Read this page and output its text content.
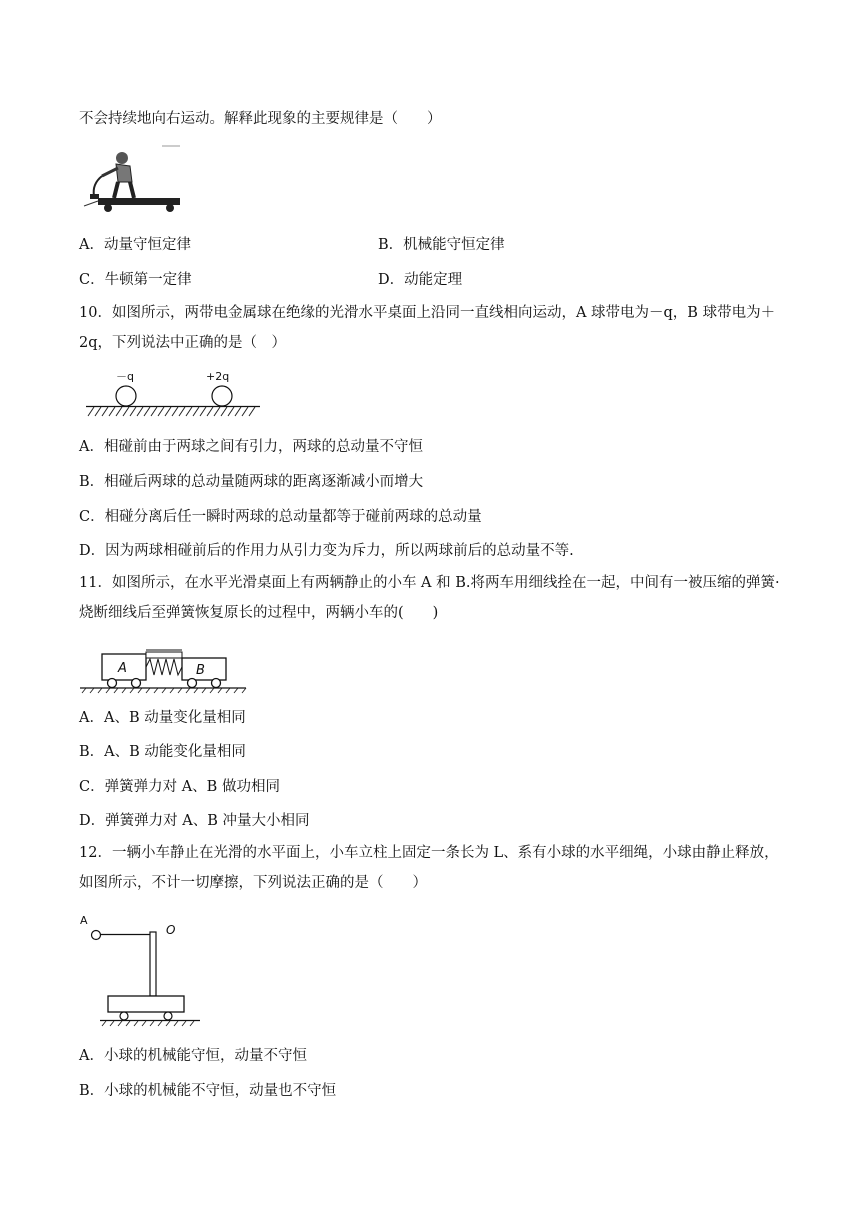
不会持续地向右运动。解释此现象的主要规律是（　　）
A．动量守恒定律	B．机械能守恒定律
C．牛顿第一定律	D．动能定理
10．如图所示，两带电金属球在绝缘的光滑水平桌面上沿同一直线相向运动，A 球带电为－q，B 球带电为＋2q，下列说法中正确的是（　）
－q	+2q
A．相碰前由于两球之间有引力，两球的总动量不守恒
B．相碰后两球的总动量随两球的距离逐渐减小而增大
C．相碰分离后任一瞬时两球的总动量都等于碰前两球的总动量
D．因为两球相碰前后的作用力从引力变为斥力，所以两球前后的总动量不等.
11．如图所示，在水平光滑桌面上有两辆静止的小车 A 和 B.将两车用细线拴在一起，中间有一被压缩的弹簧·烧断细线后至弹簧恢复原长的过程中，两辆小车的(　　)
A	B
A．A、B 动量变化量相同
B．A、B 动能变化量相同
C．弹簧弹力对 A、B 做功相同
D．弹簧弹力对 A、B 冲量大小相同
12．一辆小车静止在光滑的水平面上，小车立柱上固定一条长为 L、系有小球的水平细绳，小球由静止释放，如图所示，不计一切摩擦，下列说法正确的是（　　）
A
O
A．小球的机械能守恒，动量不守恒
B．小球的机械能不守恒，动量也不守恒
